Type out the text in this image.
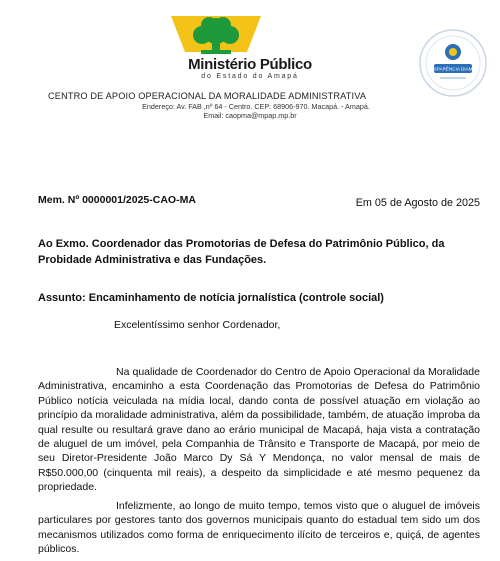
Ministério Público
do Estado do Amapá
TRANSPARÊNCIA DIAMANTE
CENTRO DE APOIO OPERACIONAL DA MORALIDADE ADMINISTRATIVA
Endereço: Av. FAB ,nº 64 - Centro. CEP: 68906-970. Macapá. - Amapá.
Email: caopma@mpap.mp.br
Mem. Nº 0000001/2025-CAO-MA	Em 05 de Agosto de 2025
Ao Exmo. Coordenador das Promotorias de Defesa do Patrimônio Público, da Probidade Administrativa e das Fundações.
Assunto: Encaminhamento de notícia jornalística (controle social)
Excelentíssimo senhor Cordenador,

Na qualidade de Coordenador do Centro de Apoio Operacional da Moralidade Administrativa, encaminho a esta Coordenação das Promotorias de Defesa do Patrimônio Público notícia veiculada na mídia local, dando conta de possível atuação em violação ao princípio da moralidade administrativa, além da possibilidade, também, de atuação ímproba da qual resulte ou resultará grave dano ao erário municipal de Macapá, haja vista a contratação de aluguel de um imóvel, pela Companhia de Trânsito e Transporte de Macapá, por meio de seu Diretor-Presidente João Marco Dy Sá Y Mendonça, no valor mensal de mais de R$50.000,00 (cinquenta mil reais), a despeito da simplicidade e até mesmo pequenez da propriedade.

Infelizmente, ao longo de muito tempo, temos visto que o aluguel de imóveis particulares por gestores tanto dos governos municipais quanto do estadual tem sido um dos mecanismos utilizados como forma de enriquecimento ilícito de terceiros e, quiçá, de agentes públicos.
